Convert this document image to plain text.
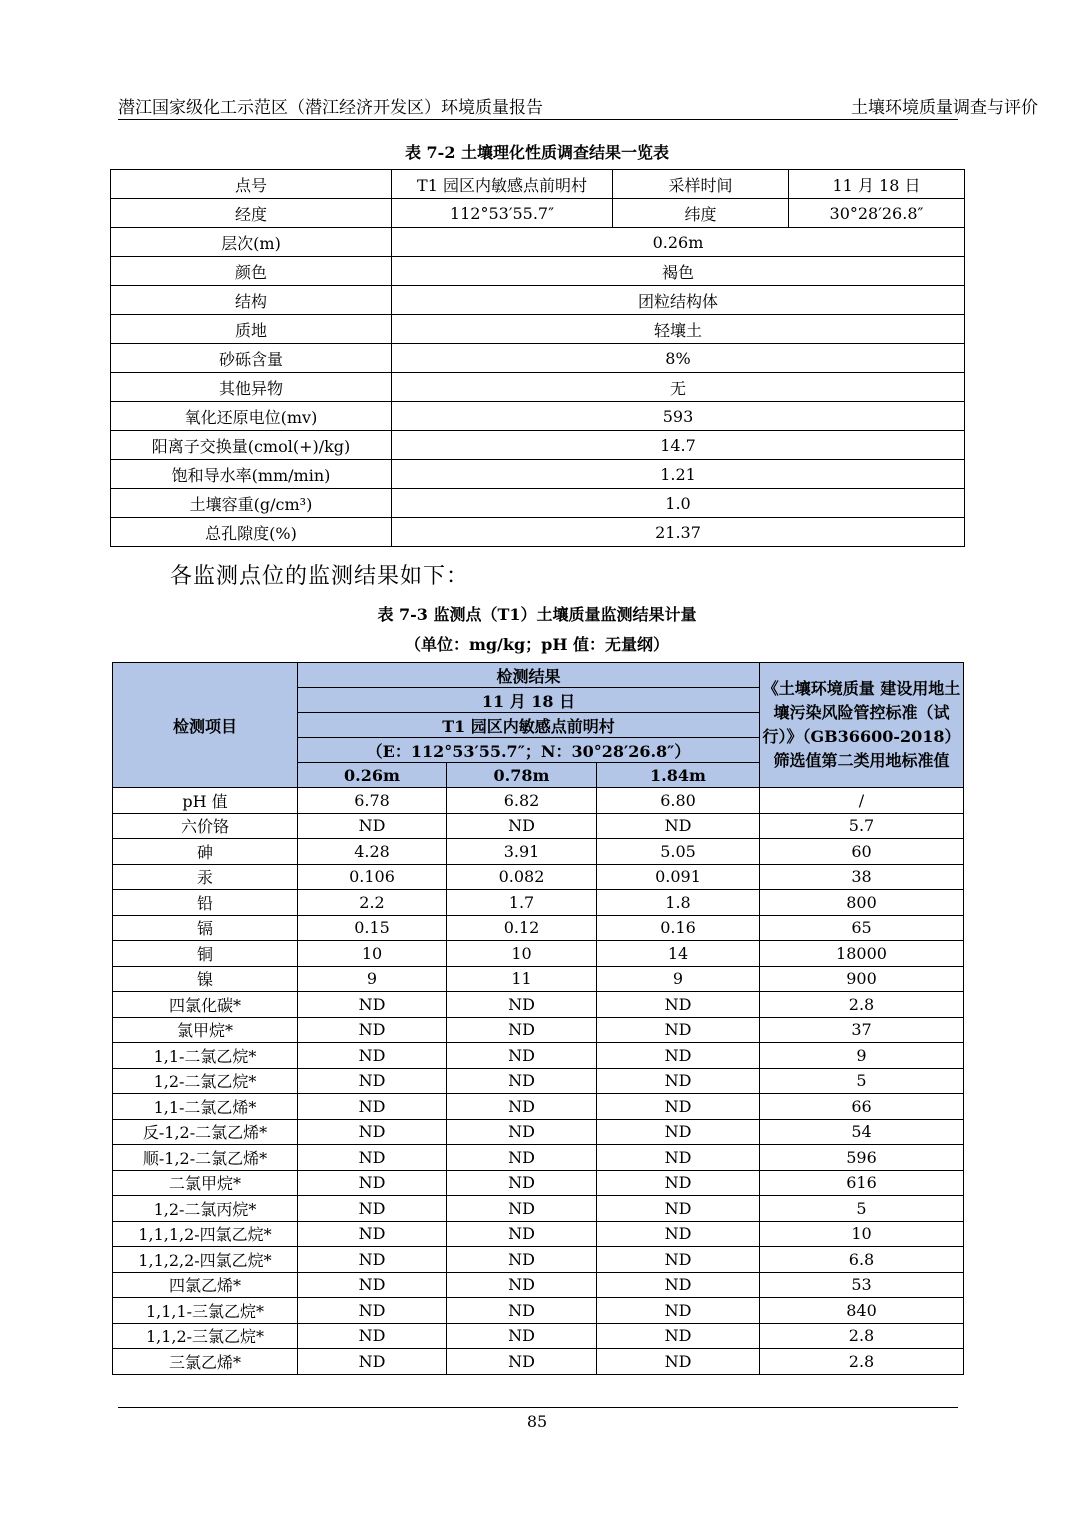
潜江国家级化工示范区（潜江经济开发区）环境质量报告	土壤环境质量调查与评价
表 7-2 土壤理化性质调查结果一览表
点号	T1 园区内敏感点前明村	采样时间	11 月 18 日
经度	112°53′55.7″	纬度	30°28′26.8″
层次(m)	0.26m		
颜色	褐色		
结构	团粒结构体		
质地	轻壤土		
砂砾含量	8%		
其他异物	无		
氧化还原电位(mv)	593		
阳离子交换量(cmol(+)/kg)	14.7		
饱和导水率(mm/min)	1.21		
土壤容重(g/cm³)	1.0		
总孔隙度(%)	21.37		
各监测点位的监测结果如下：
表 7-3 监测点（T1）土壤质量监测结果计量
（单位：mg/kg；pH 值：无量纲）
检测项目	检测结果			《土壤环境质量 建设用地土壤污染风险管控标准（试行）》（GB36600-2018）筛选值第二类用地标准值
	11 月 18 日			
	T1 园区内敏感点前明村			
	（E：112°53′55.7″；N：30°28′26.8″）			
	0.26m	0.78m	1.84m	
pH 值	6.78	6.82	6.80	/
六价铬	ND	ND	ND	5.7
砷	4.28	3.91	5.05	60
汞	0.106	0.082	0.091	38
铅	2.2	1.7	1.8	800
镉	0.15	0.12	0.16	65
铜	10	10	14	18000
镍	9	11	9	900
四氯化碳*	ND	ND	ND	2.8
氯甲烷*	ND	ND	ND	37
1,1-二氯乙烷*	ND	ND	ND	9
1,2-二氯乙烷*	ND	ND	ND	5
1,1-二氯乙烯*	ND	ND	ND	66
反-1,2-二氯乙烯*	ND	ND	ND	54
顺-1,2-二氯乙烯*	ND	ND	ND	596
二氯甲烷*	ND	ND	ND	616
1,2-二氯丙烷*	ND	ND	ND	5
1,1,1,2-四氯乙烷*	ND	ND	ND	10
1,1,2,2-四氯乙烷*	ND	ND	ND	6.8
四氯乙烯*	ND	ND	ND	53
1,1,1-三氯乙烷*	ND	ND	ND	840
1,1,2-三氯乙烷*	ND	ND	ND	2.8
三氯乙烯*	ND	ND	ND	2.8
85
